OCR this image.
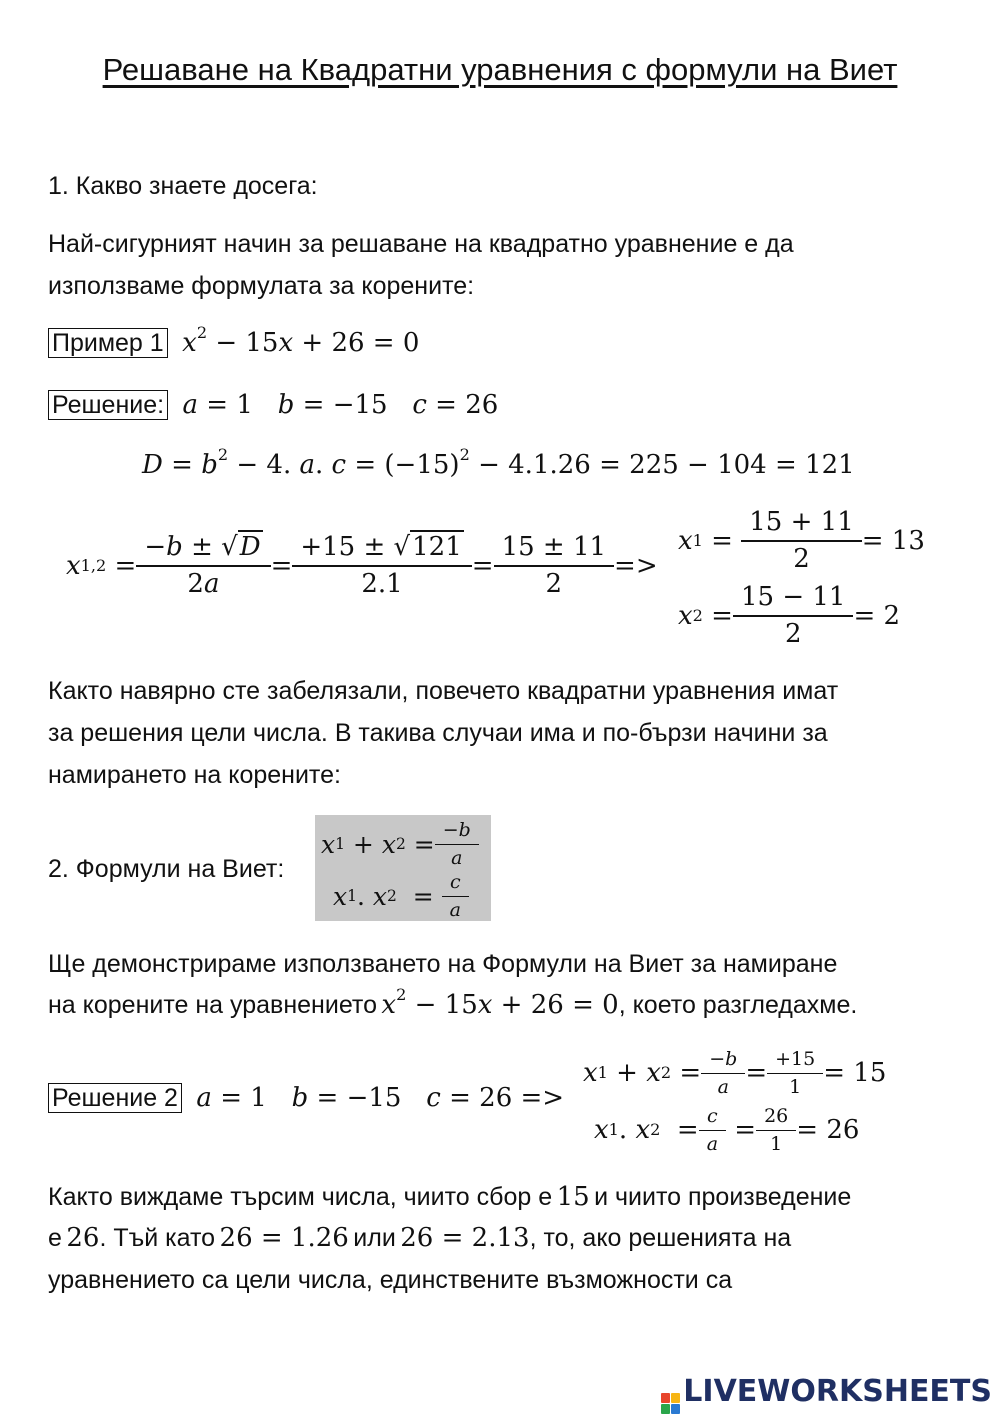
Решаване на Квадратни уравнения с формули на Виет
1. Какво знаете досега:
Най-сигурният начин за решаване на квадратно уравнение е да
използваме формулата за корените:
Пример 1 $x^2 - 15x + 26 = 0$
Решение: a = 1 b = −15 c = 26
$D = b^2 - 4$. a. $c = (-15)^2 - 4.1.26 = 225 - 104 = 121$
x $1,2 = \frac{-b \pm √D}{2a} = \frac{+15 \pm √121}{2.1} = \frac{15 \pm 11}{2}$ =>
x $1 = \frac{15 + 11}{2} = 13$
x $2 = \frac{15 - 11}{2} = 2$
Както навярно сте забелязали, повечето квадратни уравнения имат
за решения цели числа. В такива случаи има и по-бързи начини за
намирането на корените:
2. Формули на Виет:
x 1 + x $2 = \frac{-b}{a}$
x 1 . x $2 = \frac{c}{a}$
Ще демонстрираме използването на Формули на Виет за намиране
на корените на уравнението $x^2 - 15x + 26 = 0$, което разгледахме.
Решение 2 a = 1 b = −15 c = 26 =>
x 1 + x $2 = \frac{-b}{a} = \frac{+15}{1} = 15$
x 1 . x $2 = \frac{c}{a} = \frac{26}{1} = 26$
Както виждаме търсим числа, чиито сбор е 15 и чиито произведение
е 26. Тъй като 26 = 1.26 или 26 = 2.13, то, ако решенията на
уравнението са цели числа, единствените възможности са
LIVEWORKSHEETS
